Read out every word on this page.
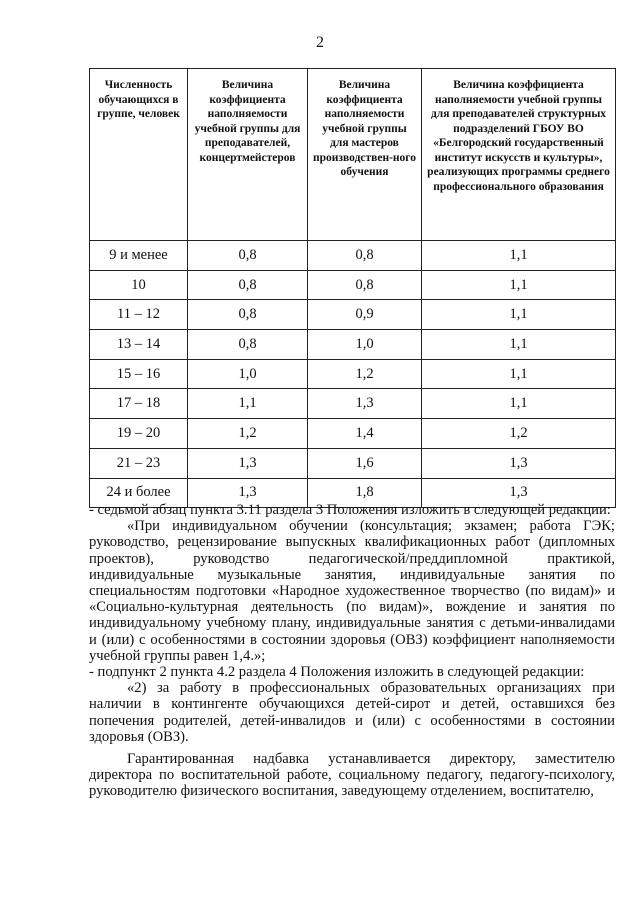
2
Численность обучающихся в группе, человек	Величина коэффициента наполняемости учебной группы для преподавателей, концертмейстеров	Величина коэффициента наполняемости учебной группы для мастеров производствен-ного обучения	Величина коэффициента наполняемости учебной группы для преподавателей структурных подразделений ГБОУ ВО «Белгородский государственный институт искусств и культуры», реализующих программы среднего профессионального образования

9 и менее	0,8	0,8	1,1
10	0,8	0,8	1,1
11 – 12	0,8	0,9	1,1
13 – 14	0,8	1,0	1,1
15 – 16	1,0	1,2	1,1
17 – 18	1,1	1,3	1,1
19 – 20	1,2	1,4	1,2
21 – 23	1,3	1,6	1,3
24 и более	1,3	1,8	1,3

- седьмой абзац пункта 3.11 раздела 3 Положения изложить в следующей редакции:

«При индивидуальном обучении (консультация; экзамен; работа ГЭК; руководство, рецензирование выпускных квалификационных работ (дипломных проектов), руководство педагогической/преддипломной практикой, индивидуальные музыкальные занятия, индивидуальные занятия по специальностям подготовки «Народное художественное творчество (по видам)» и «Социально-культурная деятельность (по видам)», вождение и занятия по индивидуальному учебному плану, индивидуальные занятия с детьми-инвалидами и (или) с особенностями в состоянии здоровья (ОВЗ) коэффициент наполняемости учебной группы равен 1,4.»;

- подпункт 2 пункта 4.2 раздела 4 Положения изложить в следующей редакции:

«2) за работу в профессиональных образовательных организациях при наличии в контингенте обучающихся детей-сирот и детей, оставшихся без попечения родителей, детей-инвалидов и (или) с особенностями в состоянии здоровья (ОВЗ).

Гарантированная надбавка устанавливается директору, заместителю директора по воспитательной работе, социальному педагогу, педагогу-психологу, руководителю физического воспитания, заведующему отделением, воспитателю,
